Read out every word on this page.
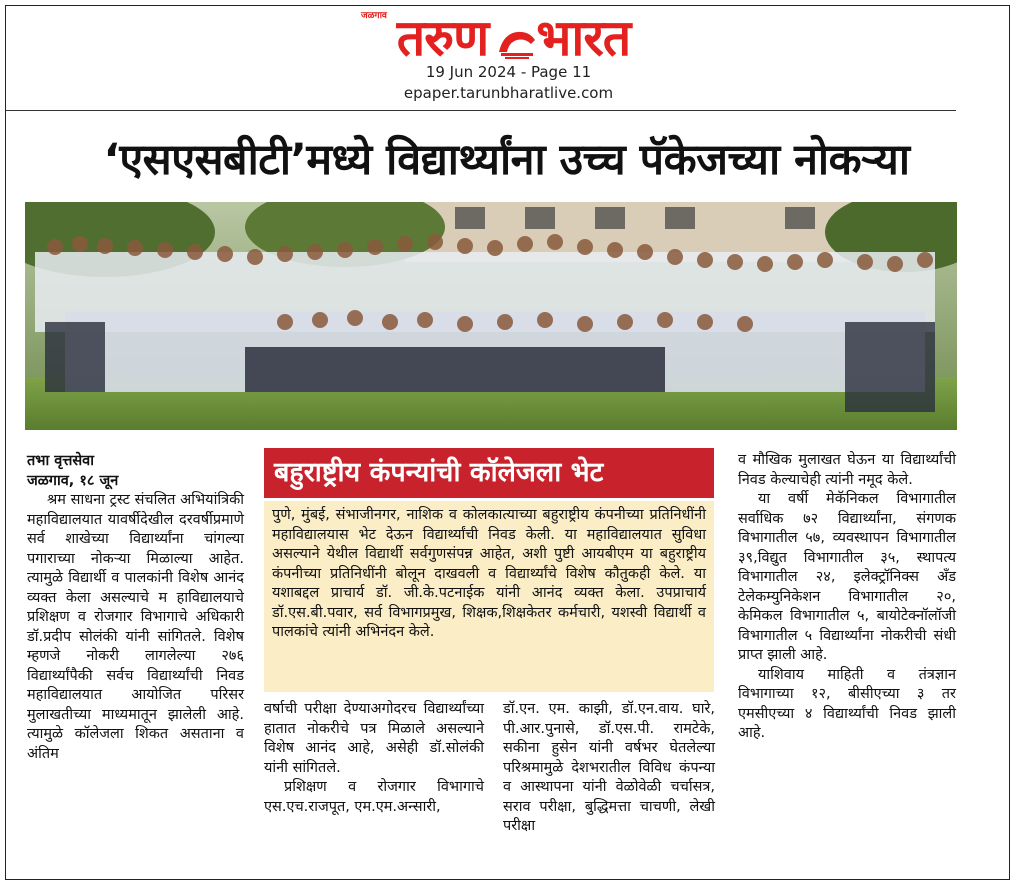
जळगाव तरुण भारत
19 Jun 2024 - Page 11
epaper.tarunbharatlive.com
‘एसएसबीटी’मध्ये विद्यार्थ्यांना उच्च पॅकेजच्या नोकऱ्या

तभा वृत्तसेवा

जळगाव, १८ जून

श्रम साधना ट्रस्ट संचलित अभियांत्रिकी महाविद्यालयात यावर्षीदेखील दरवर्षीप्रमाणे सर्व शाखेच्या विद्यार्थ्यांना चांगल्या पगाराच्या नोकऱ्या मिळाल्या आहेत. त्यामुळे विद्यार्थी व पालकांनी विशेष आनंद व्यक्त केला असल्याचे म हाविद्यालयाचे प्रशिक्षण व रोजगार विभागाचे अधिकारी डॉ.प्रदीप सोलंकी यांनी सांगितले. विशेष म्हणजे नोकरी लागलेल्या २७६ विद्यार्थ्यांपैकी सर्वच विद्यार्थ्यांची निवड महाविद्यालयात आयोजित परिसर मुलाखतीच्या माध्यमातून झालेली आहे. त्यामुळे कॉलेजला शिकत असताना व अंतिम

बहुराष्ट्रीय कंपन्यांची कॉलेजला भेट
पुणे, मुंबई, संभाजीनगर, नाशिक व कोलकात्याच्या बहुराष्ट्रीय कंपनीच्या प्रतिनिधींनी महाविद्यालयास भेट देऊन विद्यार्थ्यांची निवड केली. या महाविद्यालयात सुविधा असल्याने येथील विद्यार्थी सर्वगुणसंपन्न आहेत, अशी पुष्टी आयबीएम या बहुराष्ट्रीय कंपनीच्या प्रतिनिधींनी बोलून दाखवली व विद्यार्थ्यांचे विशेष कौतुकही केले. या यशाबद्दल प्राचार्य डॉ. जी.के.पटनाईक यांनी आनंद व्यक्त केला. उपप्राचार्य डॉ.एस.बी.पवार, सर्व विभागप्रमुख, शिक्षक,शिक्षकेतर कर्मचारी, यशस्वी विद्यार्थी व पालकांचे त्यांनी अभिनंदन केले.

वर्षाची परीक्षा देण्याअगोदरच विद्यार्थ्यांच्या हातात नोकरीचे पत्र मिळाले असल्याने विशेष आनंद आहे, असेही डॉ.सोलंकी यांनी सांगितले.

प्रशिक्षण व रोजगार विभागाचे एस.एच.राजपूत, एम.एम.अन्सारी,

डॉ.एन. एम. काझी, डॉ.एन.वाय. घारे, पी.आर.पुनासे, डॉ.एस.पी. रामटेके, सकीना हुसेन यांनी वर्षभर घेतलेल्या परिश्रमामुळे देशभरातील विविध कंपन्या व आस्थापना यांनी वेळोवेळी चर्चासत्र, सराव परीक्षा, बुद्धिमत्ता चाचणी, लेखी परीक्षा

व मौखिक मुलाखत घेऊन या विद्यार्थ्यांची निवड केल्याचेही त्यांनी नमूद केले.

या वर्षी मेकॅनिकल विभागातील सर्वाधिक ७२ विद्यार्थ्यांना, संगणक विभागातील ५७, व्यवस्थापन विभागातील ३९,विद्युत विभागातील ३५, स्थापत्य विभागातील २४, इलेक्ट्रॉनिक्स अँड टेलेकम्युनिकेशन विभागातील २०, केमिकल विभागातील ५, बायोटेक्नॉलॉजी विभागातील ५ विद्यार्थ्यांना नोकरीची संधी प्राप्त झाली आहे.

याशिवाय माहिती व तंत्रज्ञान विभागाच्या १२, बीसीएच्या ३ तर एमसीएच्या ४ विद्यार्थ्यांची निवड झाली आहे.
